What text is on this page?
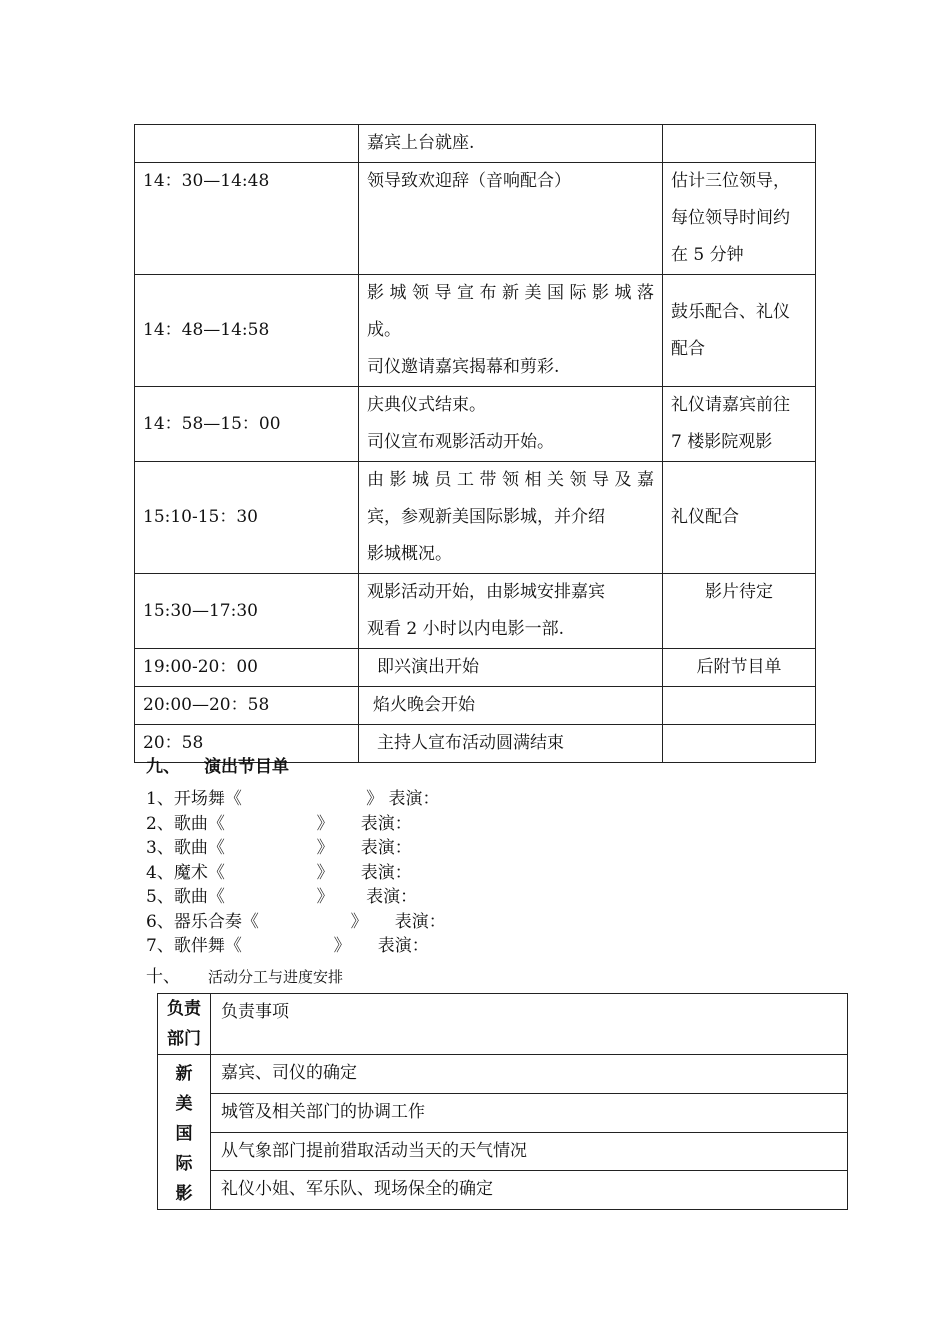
	嘉宾上台就座.	

14：30—14:48	领导致欢迎辞（音响配合）	估计三位领导，
每位领导时间约
在 5 分钟

14：48—14:58	影城领导宣布新美国际影城落
成。
司仪邀请嘉宾揭幕和剪彩.	鼓乐配合、礼仪
配合

14：58—15：00	庆典仪式结束。
司仪宣布观影活动开始。	礼仪请嘉宾前往
7 楼影院观影

15:10-15：30	由影城员工带领相关领导及嘉
宾，参观新美国际影城，并介绍
影城概况。	礼仪配合

15:30—17:30	观影活动开始，由影城安排嘉宾
观看 2 小时以内电影一部.	影片待定

19:00-20：00	即兴演出开始	后附节目单

20:00—20：58	焰火晚会开始	

20：58	主持人宣布活动圆满结束	

九、 演出节目单
1、开场舞《                       》 表演：
2、歌曲《                 》     表演：
3、歌曲《                 》     表演：
4、魔术《                 》     表演：
5、歌曲《                 》      表演：
6、器乐合奏《                 》     表演：
7、歌伴舞《                 》     表演：
十、 活动分工与进度安排
负责
部门	负责事项

新
美
国
际
影	嘉宾、司仪的确定
	城管及相关部门的协调工作
	从气象部门提前猎取活动当天的天气情况
	礼仪小姐、军乐队、现场保全的确定
